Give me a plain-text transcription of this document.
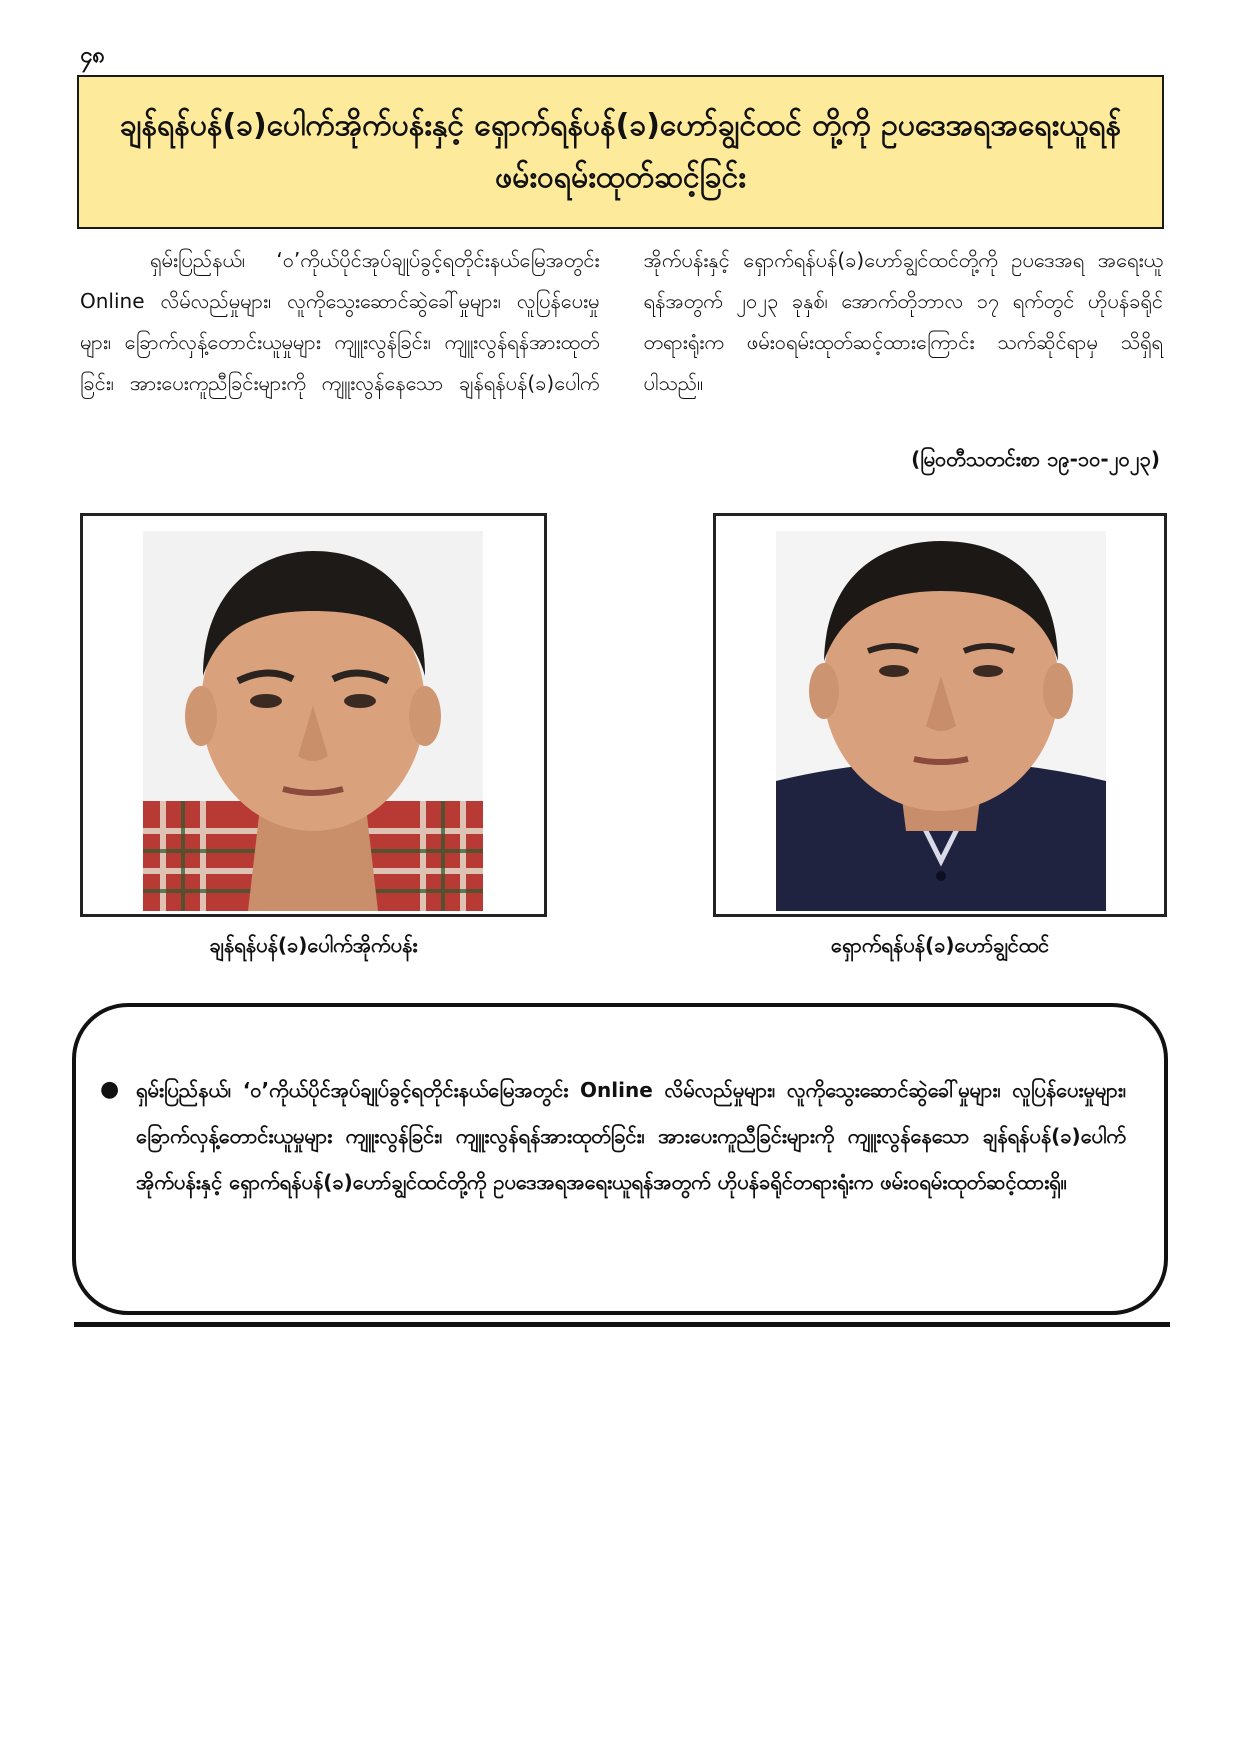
၄၈
ချန်ရန်ပန်(ခ)ပေါက်အိုက်ပန်းနှင့် ရှောက်ရန်ပန်(ခ)ဟော်ချွင်ထင် တို့ကို ဥပဒေအရအရေးယူရန် ဖမ်းဝရမ်းထုတ်ဆင့်ခြင်း

ရှမ်းပြည်နယ်၊ ‘ဝ’ကိုယ်ပိုင်အုပ်ချုပ်ခွင့်ရတိုင်းနယ်မြေအတွင်း Online လိမ်လည်မှုများ၊ လူကိုသွေးဆောင်ဆွဲခေါ်မှုများ၊ လူပြန်ပေးမှုများ၊ ခြောက်လှန့်တောင်းယူမှုများ ကျူးလွန်ခြင်း၊ ကျူးလွန်ရန်အားထုတ်ခြင်း၊ အားပေးကူညီခြင်းများကို ကျူးလွန်နေသော ချန်ရန်ပန်(ခ)ပေါက်အိုက်ပန်းနှင့် ရှောက်ရန်ပန်(ခ)ဟော်ချွင်ထင်တို့ကို ဥပဒေအရ အရေးယူရန်အတွက် ၂၀၂၃ ခုနှစ်၊ အောက်တိုဘာလ ၁၇ ရက်တွင် ဟိုပန်ခရိုင်တရားရုံးက ဖမ်းဝရမ်းထုတ်ဆင့်ထားကြောင်း သက်ဆိုင်ရာမှ သိရှိရပါသည်။

(မြဝတီသတင်းစာ ၁၉-၁၀-၂၀၂၃)
ချန်ရန်ပန်(ခ)ပေါက်အိုက်ပန်း	ရှောက်ရန်ပန်(ခ)ဟော်ချွင်ထင်
● ရှမ်းပြည်နယ်၊ ‘ဝ’ကိုယ်ပိုင်အုပ်ချုပ်ခွင့်ရတိုင်းနယ်မြေအတွင်း Online လိမ်လည်မှုများ၊ လူကိုသွေးဆောင်ဆွဲခေါ်မှုများ၊ လူပြန်ပေးမှုများ၊ ခြောက်လှန့်တောင်းယူမှုများ ကျူးလွန်ခြင်း၊ ကျူးလွန်ရန်အားထုတ်ခြင်း၊ အားပေးကူညီခြင်းများကို ကျူးလွန်နေသော ချန်ရန်ပန်(ခ)ပေါက်အိုက်ပန်းနှင့် ရှောက်ရန်ပန်(ခ)ဟော်ချွင်ထင်တို့ကို ဥပဒေအရအရေးယူရန်အတွက် ဟိုပန်ခရိုင်တရားရုံးက ဖမ်းဝရမ်းထုတ်ဆင့်ထားရှိ။
